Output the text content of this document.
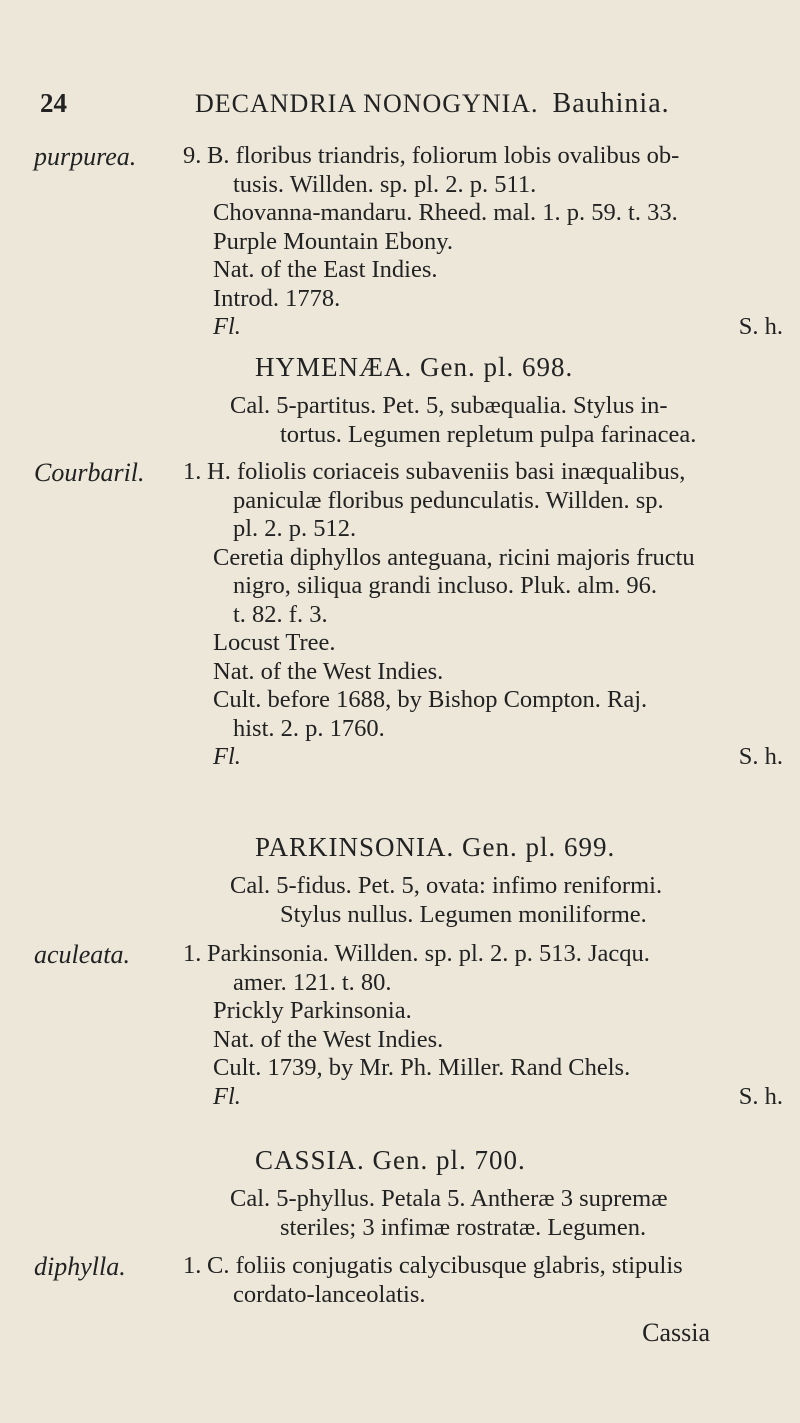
24	DECANDRIA NONOGYNIA. Bauhinia.
purpurea. 9. B. floribus triandris, foliorum lobis ovalibus ob-
tusis. Willden. sp. pl. 2. p. 511.
Chovanna-mandaru. Rheed. mal. 1. p. 59. t. 33.
Purple Mountain Ebony.
Nat. of the East Indies.
Introd. 1778.
Fl.	S. h.
HYMENÆA. Gen. pl. 698.
Cal. 5-partitus. Pet. 5, subæqualia. Stylus in-
tortus. Legumen repletum pulpa farinacea.
Courbaril. 1. H. foliolis coriaceis subaveniis basi inæqualibus,
paniculæ floribus pedunculatis. Willden. sp.
pl. 2. p. 512.
Ceretia diphyllos anteguana, ricini majoris fructu
nigro, siliqua grandi incluso. Pluk. alm. 96.
t. 82. f. 3.
Locust Tree.
Nat. of the West Indies.
Cult. before 1688, by Bishop Compton. Raj.
hist. 2. p. 1760.
Fl.	S. h.
PARKINSONIA. Gen. pl. 699.
Cal. 5-fidus. Pet. 5, ovata: infimo reniformi.
Stylus nullus. Legumen moniliforme.
aculeata. 1. Parkinsonia. Willden. sp. pl. 2. p. 513. Jacqu.
amer. 121. t. 80.
Prickly Parkinsonia.
Nat. of the West Indies.
Cult. 1739, by Mr. Ph. Miller. Rand Chels.
Fl.	S. h.
CASSIA. Gen. pl. 700.
Cal. 5-phyllus. Petala 5. Antheræ 3 supremæ
steriles; 3 infimæ rostratæ. Legumen.
diphylla. 1. C. foliis conjugatis calycibusque glabris, stipulis
cordato-lanceolatis.
Cassia
